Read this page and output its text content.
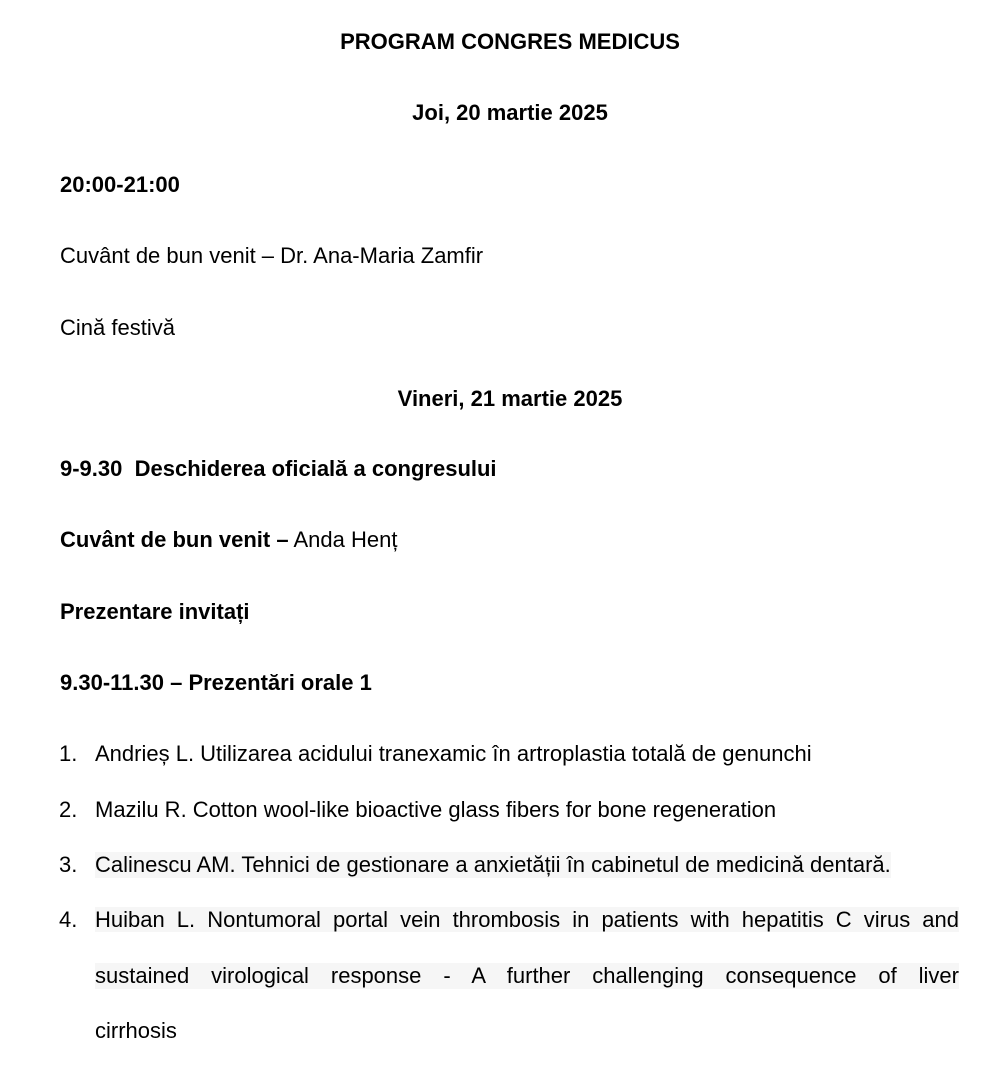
PROGRAM CONGRES MEDICUS
Joi, 20 martie 2025
20:00-21:00
Cuvânt de bun venit – Dr. Ana-Maria Zamfir
Cină festivă
Vineri, 21 martie 2025
9-9.30 Deschiderea oficială a congresului
Cuvânt de bun venit – Anda Henț
Prezentare invitați
9.30-11.30 – Prezentări orale 1
1. Andrieș L. Utilizarea acidului tranexamic în artroplastia totală de genunchi
2. Mazilu R. Cotton wool-like bioactive glass fibers for bone regeneration
3. Calinescu AM. Tehnici de gestionare a anxietății în cabinetul de medicină dentară.
4. Huiban L. Nontumoral portal vein thrombosis in patients with hepatitis C virus and
sustained virological response - A further challenging consequence of liver
cirrhosis
